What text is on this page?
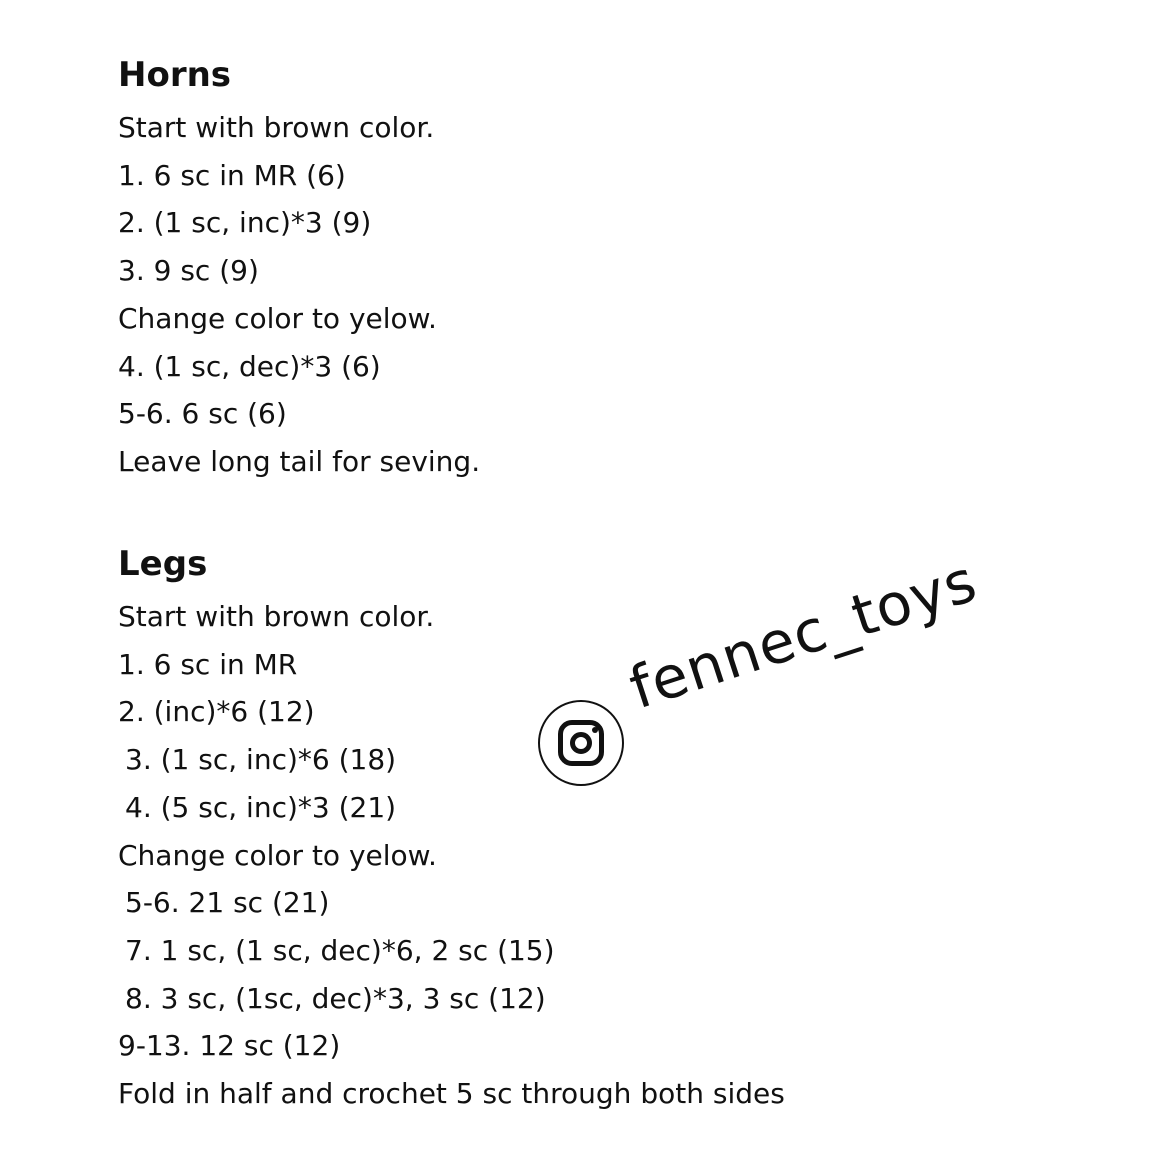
Horns

Start with brown color.

1. 6 sc in MR (6)

2. (1 sc, inc)*3 (9)

3. 9 sc (9)

Change color to yelow.

4. (1 sc, dec)*3 (6)

5-6. 6 sc (6)

Leave long tail for seving.

Legs

Start with brown color.

1. 6 sc in MR

2. (inc)*6 (12)

3. (1 sc, inc)*6 (18)

4. (5 sc, inc)*3 (21)

Change color to yelow.

5-6. 21 sc (21)

7. 1 sc, (1 sc, dec)*6, 2 sc (15)

8. 3 sc, (1sc, dec)*3, 3 sc (12)

9-13. 12 sc (12)

Fold in half and crochet 5 sc through both sides

fennec_toys
